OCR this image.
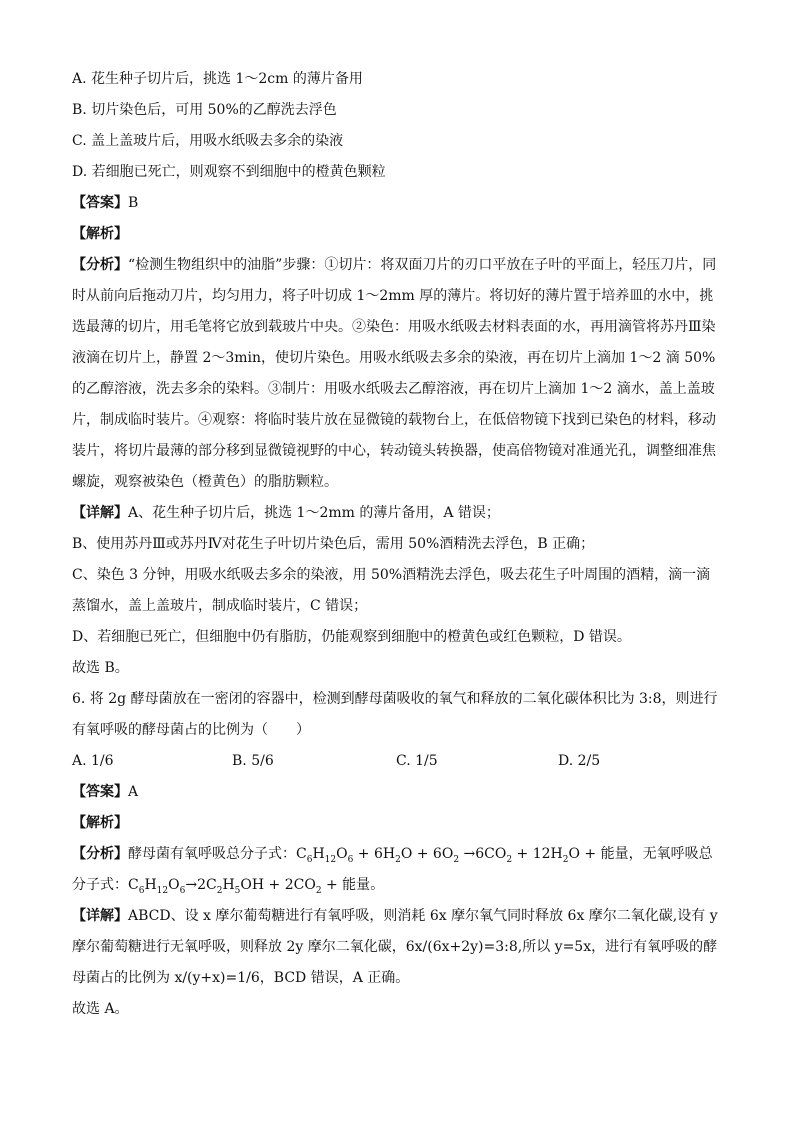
A. 花生种子切片后，挑选 1～2cm 的薄片备用
B. 切片染色后，可用 50%的乙醇洗去浮色
C. 盖上盖玻片后，用吸水纸吸去多余的染液
D. 若细胞已死亡，则观察不到细胞中的橙黄色颗粒
【答案】B
【解析】
【分析】“检测生物组织中的油脂”步骤：①切片：将双面刀片的刃口平放在子叶的平面上，轻压刀片，同时从前向后拖动刀片，均匀用力，将子叶切成 1～2mm 厚的薄片。将切好的薄片置于培养皿的水中，挑选最薄的切片，用毛笔将它放到载玻片中央。②染色：用吸水纸吸去材料表面的水，再用滴管将苏丹Ⅲ染液滴在切片上，静置 2～3min，使切片染色。用吸水纸吸去多余的染液，再在切片上滴加 1～2 滴 50%的乙醇溶液，洗去多余的染料。③制片：用吸水纸吸去乙醇溶液，再在切片上滴加 1～2 滴水，盖上盖玻片，制成临时装片。④观察：将临时装片放在显微镜的载物台上，在低倍物镜下找到已染色的材料，移动装片，将切片最薄的部分移到显微镜视野的中心，转动镜头转换器，使高倍物镜对准通光孔，调整细准焦螺旋，观察被染色（橙黄色）的脂肪颗粒。
【详解】A、花生种子切片后，挑选 1～2mm 的薄片备用，A 错误；
B、使用苏丹Ⅲ或苏丹Ⅳ对花生子叶切片染色后，需用 50%酒精洗去浮色，B 正确；
C、染色 3 分钟，用吸水纸吸去多余的染液，用 50%酒精洗去浮色，吸去花生子叶周围的酒精，滴一滴蒸馏水，盖上盖玻片，制成临时装片，C 错误；
D、若细胞已死亡，但细胞中仍有脂肪，仍能观察到细胞中的橙黄色或红色颗粒，D 错误。
故选 B。
6. 将 2g 酵母菌放在一密闭的容器中，检测到酵母菌吸收的氧气和释放的二氧化碳体积比为 3:8，则进行有氧呼吸的酵母菌占的比例为（　　）
A. 1/6	B. 5/6	C. 1/5	D. 2/5
【答案】A
【解析】
【分析】酵母菌有氧呼吸总分子式：$C_6H_{12}O_6 + 6H_2O + 6O_2 \to 6CO_2 + 12H_2O$ + 能量，无氧呼吸总分子式：$C_6H_{12}O_6\to 2C_2H_5OH + 2CO_2$ + 能量。
【详解】ABCD、设 x 摩尔葡萄糖进行有氧呼吸，则消耗 6x 摩尔氧气同时释放 6x 摩尔二氧化碳,设有 y 摩尔葡萄糖进行无氧呼吸，则释放 2y 摩尔二氧化碳，6x/(6x+2y)=3:8,所以 y=5x，进行有氧呼吸的酵母菌占的比例为 x/(y+x)=1/6，BCD 错误，A 正确。
故选 A。
